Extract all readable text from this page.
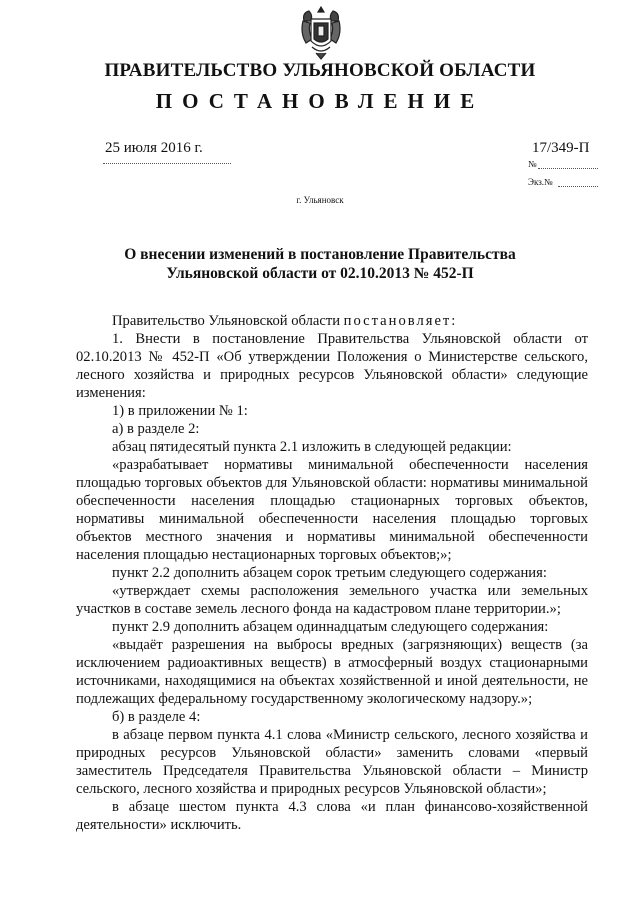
ПРАВИТЕЛЬСТВО УЛЬЯНОВСКОЙ ОБЛАСТИ
ПОСТАНОВЛЕНИЕ
25 июля 2016 г.	17/349-П
№
Экз.№
г. Ульяновск
О внесении изменений в постановление Правительства
Ульяновской области от 02.10.2013 № 452-П

Правительство Ульяновской области постановляет:

1. Внести в постановление Правительства Ульяновской области от 02.10.2013 № 452-П «Об утверждении Положения о Министерстве сельского, лесного хозяйства и природных ресурсов Ульяновской области» следующие изменения:

1) в приложении № 1:

а) в разделе 2:

абзац пятидесятый пункта 2.1 изложить в следующей редакции:

«разрабатывает нормативы минимальной обеспеченности населения площадью торговых объектов для Ульяновской области: нормативы минимальной обеспеченности населения площадью стационарных торговых объектов, нормативы минимальной обеспеченности населения площадью торговых объектов местного значения и нормативы минимальной обеспеченности населения площадью нестационарных торговых объектов;»;

пункт 2.2 дополнить абзацем сорок третьим следующего содержания:

«утверждает схемы расположения земельного участка или земельных участков в составе земель лесного фонда на кадастровом плане территории.»;

пункт 2.9 дополнить абзацем одиннадцатым следующего содержания:

«выдаёт разрешения на выбросы вредных (загрязняющих) веществ (за исключением радиоактивных веществ) в атмосферный воздух стационарными источниками, находящимися на объектах хозяйственной и иной деятельности, не подлежащих федеральному государственному экологическому надзору.»;

б) в разделе 4:

в абзаце первом пункта 4.1 слова «Министр сельского, лесного хозяйства и природных ресурсов Ульяновской области» заменить словами «первый заместитель Председателя Правительства Ульяновской области – Министр сельского, лесного хозяйства и природных ресурсов Ульяновской области»;

в абзаце шестом пункта 4.3 слова «и план финансово-хозяйственной деятельности» исключить.
